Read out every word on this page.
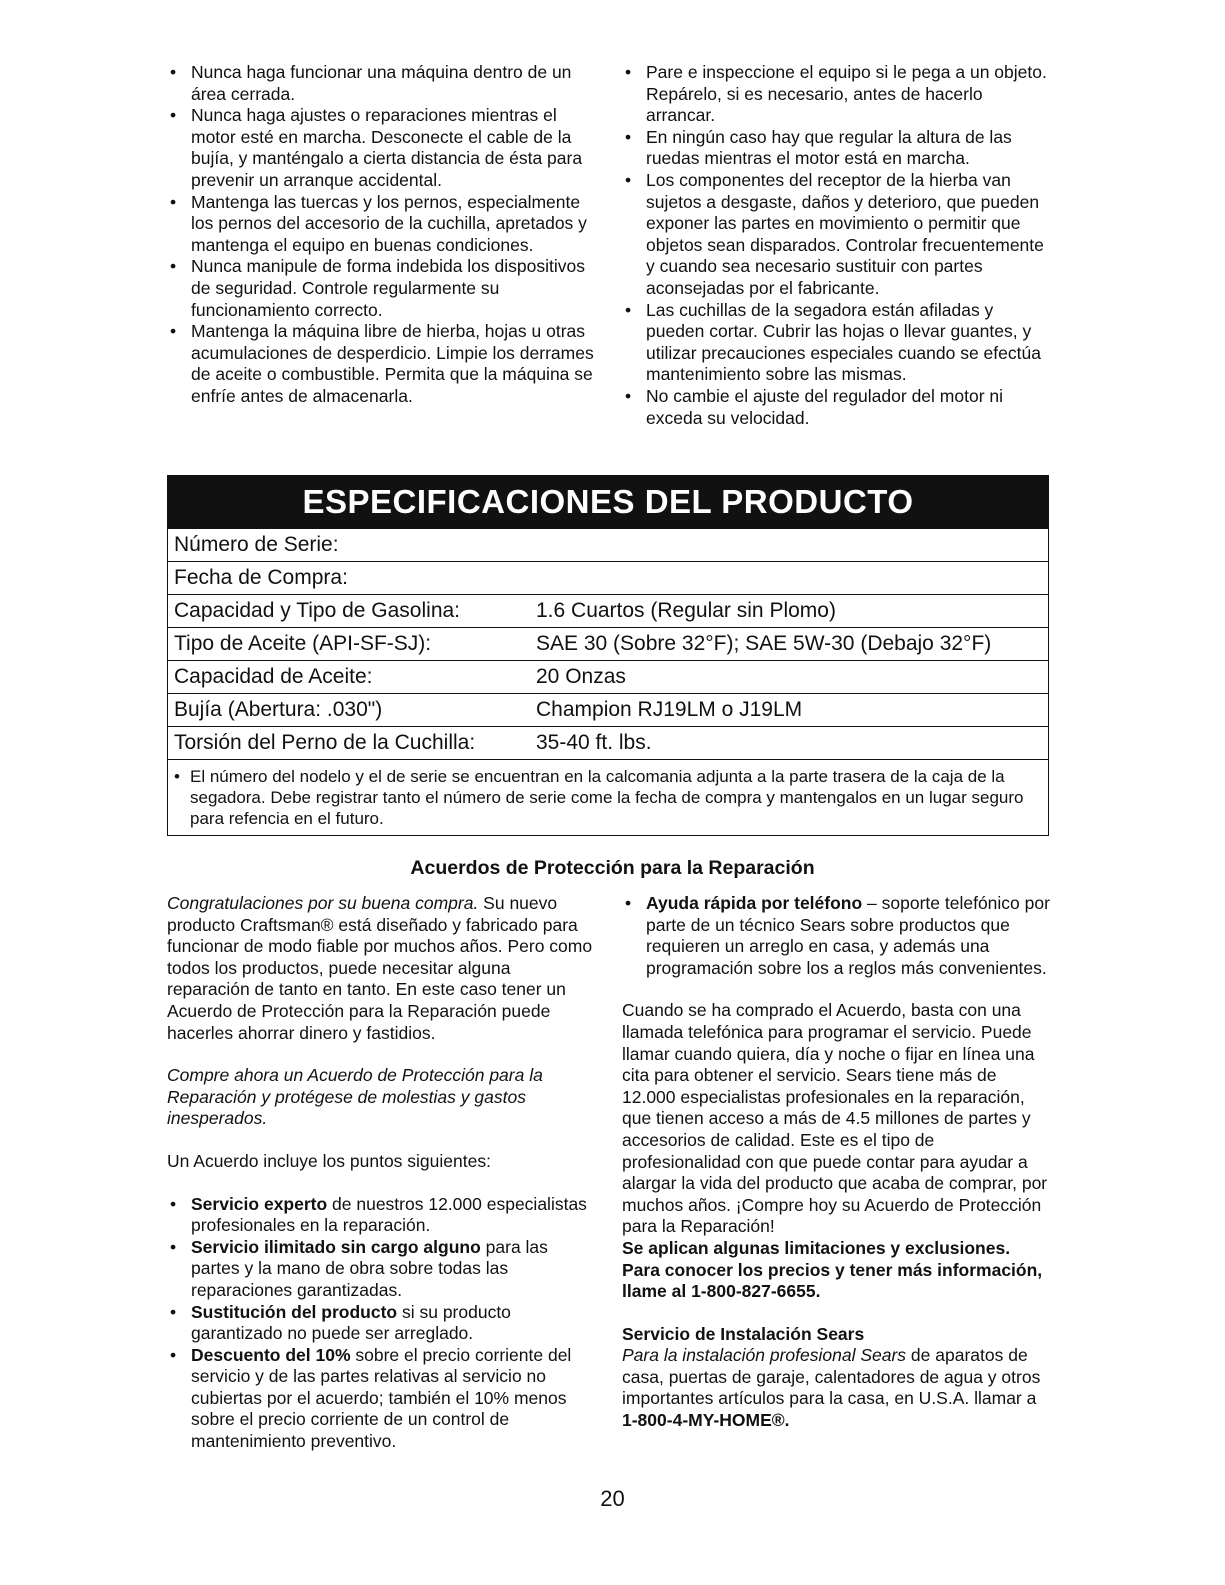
• Nunca haga funcionar una máquina dentro de un área cerrada.
• Nunca haga ajustes o reparaciones mientras el motor esté en marcha. Desconecte el cable de la bujía, y manténgalo a cierta distancia de ésta para prevenir un arranque accidental.
• Mantenga las tuercas y los pernos, especialmente los pernos del accesorio de la cuchilla, apretados y mantenga el equipo en buenas condiciones.
• Nunca manipule de forma indebida los dispositivos de seguridad. Controle regularmente su funcionamiento correcto.
• Mantenga la máquina libre de hierba, hojas u otras acumulaciones de desperdicio. Limpie los derrames de aceite o combustible. Permita que la máquina se enfríe antes de almacenarla.
• Pare e inspeccione el equipo si le pega a un objeto. Repárelo, si es necesario, antes de hacerlo arrancar.
• En ningún caso hay que regular la altura de las ruedas mientras el motor está en marcha.
• Los componentes del receptor de la hierba van sujetos a desgaste, daños y deterioro, que pueden exponer las partes en movimiento o permitir que objetos sean disparados. Controlar frecuentemente y cuando sea necesario sustituir con partes aconsejadas por el fabricante.
• Las cuchillas de la segadora están afiladas y pueden cortar. Cubrir las hojas o llevar guantes, y utilizar precauciones especiales cuando se efectúa mantenimiento sobre las mismas.
• No cambie el ajuste del regulador del motor ni exceda su velocidad.
ESPECIFICACIONES DEL PRODUCTO
Número de Serie:
Fecha de Compra:
Capacidad y Tipo de Gasolina:	1.6 Cuartos (Regular sin Plomo)
Tipo de Aceite (API-SF-SJ):	SAE 30 (Sobre 32°F); SAE 5W-30 (Debajo 32°F)
Capacidad de Aceite:	20 Onzas
Bujía (Abertura: .030")	Champion RJ19LM o J19LM
Torsión del Perno de la Cuchilla:	35-40 ft. lbs.
• El número del nodelo y el de serie se encuentran en la calcomania adjunta a la parte trasera de la caja de la segadora. Debe registrar tanto el número de serie come la fecha de compra y mantengalos en un lugar seguro para refencia en el futuro.
Acuerdos de Protección para la Reparación

Congratulaciones por su buena compra. Su nuevo producto Craftsman® está diseñado y fabricado para funcionar de modo fiable por muchos años. Pero como todos los productos, puede necesitar alguna reparación de tanto en tanto. En este caso tener un Acuerdo de Protección para la Reparación puede hacerles ahorrar dinero y fastidios.

Compre ahora un Acuerdo de Protección para la Reparación y protégese de molestias y gastos inesperados.

Un Acuerdo incluye los puntos siguientes:

• Servicio experto de nuestros 12.000 especialistas profesionales en la reparación.
• Servicio ilimitado sin cargo alguno para las partes y la mano de obra sobre todas las reparaciones garantizadas.
• Sustitución del producto si su producto garantizado no puede ser arreglado.
• Descuento del 10% sobre el precio corriente del servicio y de las partes relativas al servicio no cubiertas por el acuerdo; también el 10% menos sobre el precio corriente de un control de mantenimiento preventivo.
• Ayuda rápida por teléfono – soporte telefónico por parte de un técnico Sears sobre productos que requieren un arreglo en casa, y además una programación sobre los a reglos más convenientes.

Cuando se ha comprado el Acuerdo, basta con una llamada telefónica para programar el servicio. Puede llamar cuando quiera, día y noche o fijar en línea una cita para obtener el servicio. Sears tiene más de 12.000 especialistas profesionales en la reparación, que tienen acceso a más de 4.5 millones de partes y accesorios de calidad. Este es el tipo de profesionalidad con que puede contar para ayudar a alargar la vida del producto que acaba de comprar, por muchos años. ¡Compre hoy su Acuerdo de Protección para la Reparación!

Se aplican algunas limitaciones y exclusiones. Para conocer los precios y tener más información, llame al 1-800-827-6655.

Servicio de Instalación Sears

Para la instalación profesional Sears de aparatos de casa, puertas de garaje, calentadores de agua y otros importantes artículos para la casa, en U.S.A. llamar a

1-800-4-MY-HOME®.

20
